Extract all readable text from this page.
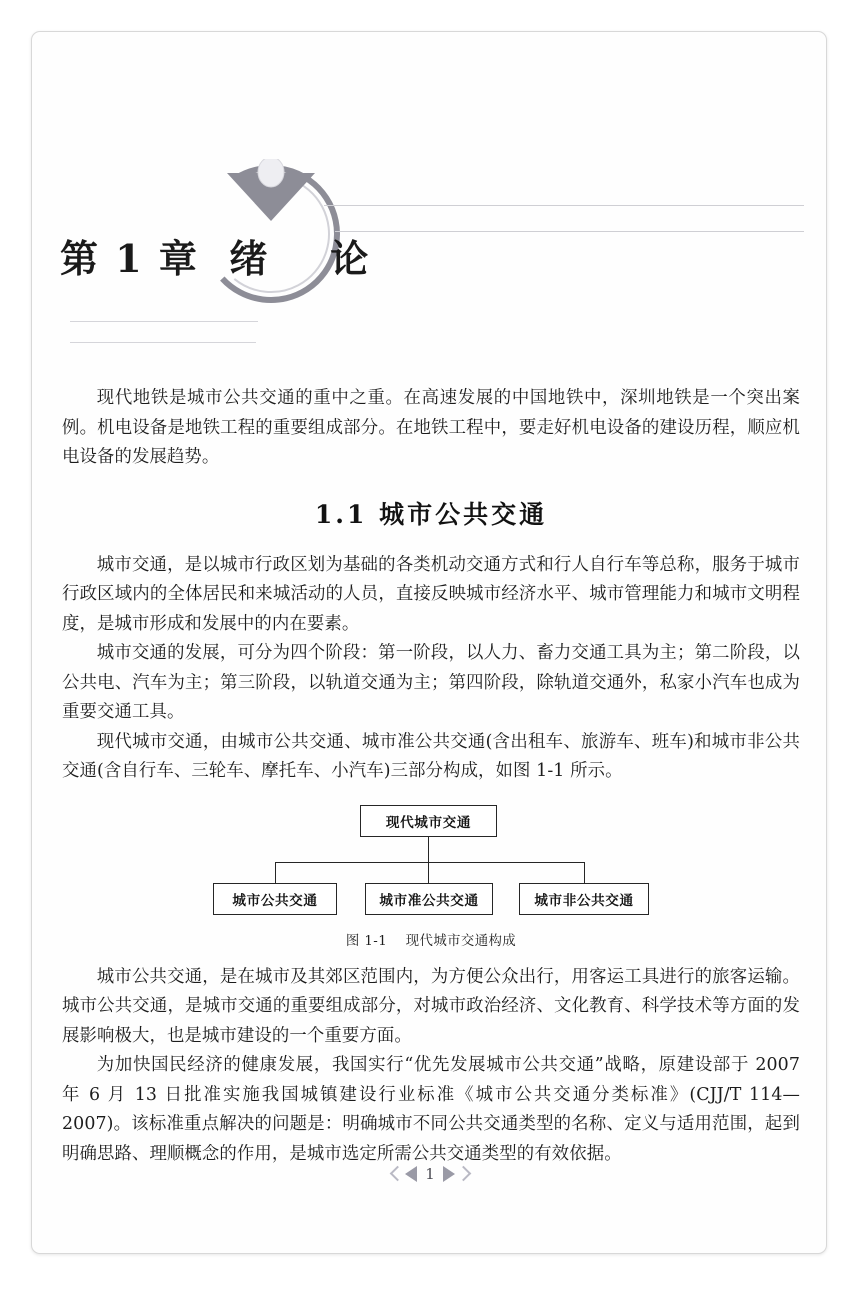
第 1 章  绪    论

现代地铁是城市公共交通的重中之重。在高速发展的中国地铁中，深圳地铁是一个突出案例。机电设备是地铁工程的重要组成部分。在地铁工程中，要走好机电设备的建设历程，顺应机电设备的发展趋势。

1.1 城市公共交通

城市交通，是以城市行政区划为基础的各类机动交通方式和行人自行车等总称，服务于城市行政区域内的全体居民和来城活动的人员，直接反映城市经济水平、城市管理能力和城市文明程度，是城市形成和发展中的内在要素。

城市交通的发展，可分为四个阶段：第一阶段，以人力、畜力交通工具为主；第二阶段，以公共电、汽车为主；第三阶段，以轨道交通为主；第四阶段，除轨道交通外，私家小汽车也成为重要交通工具。

现代城市交通，由城市公共交通、城市准公共交通(含出租车、旅游车、班车)和城市非公共交通(含自行车、三轮车、摩托车、小汽车)三部分构成，如图 1-1 所示。

现代城市交通
城市公共交通	城市准公共交通	城市非公共交通
图 1-1    现代城市交通构成

城市公共交通，是在城市及其郊区范围内，为方便公众出行，用客运工具进行的旅客运输。城市公共交通，是城市交通的重要组成部分，对城市政治经济、文化教育、科学技术等方面的发展影响极大，也是城市建设的一个重要方面。

为加快国民经济的健康发展，我国实行“优先发展城市公共交通”战略，原建设部于 2007 年 6 月 13 日批准实施我国城镇建设行业标准《城市公共交通分类标准》(CJJ/T 114—2007)。该标准重点解决的问题是：明确城市不同公共交通类型的名称、定义与适用范围，起到明确思路、理顺概念的作用，是城市选定所需公共交通类型的有效依据。

1
